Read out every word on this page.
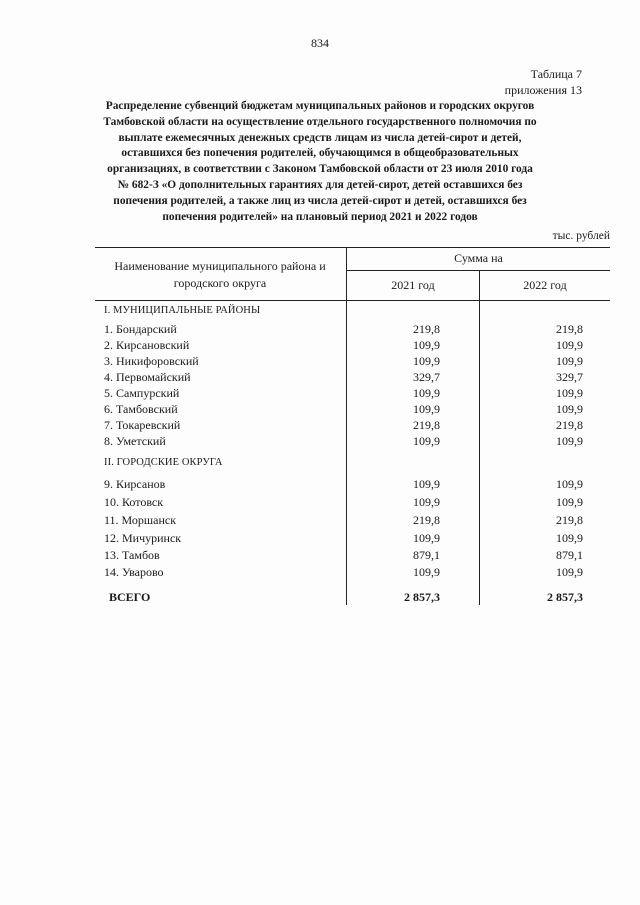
834
Таблица 7
приложения 13
Распределение субвенций бюджетам муниципальных районов и городских округов Тамбовской области на осуществление отдельного государственного полномочия по выплате ежемесячных денежных средств лицам из числа детей-сирот и детей, оставшихся без попечения родителей, обучающимся в общеобразовательных организациях, в соответствии с Законом Тамбовской области от 23 июля 2010 года № 682-З «О дополнительных гарантиях для детей-сирот, детей оставшихся без попечения родителей, а также лиц из числа детей-сирот и детей, оставшихся без попечения родителей» на плановый период 2021 и 2022 годов
тыс. рублей
Наименование муниципального района и городского округа
Сумма на
2021 год	2022 год
I. МУНИЦИПАЛЬНЫЕ РАЙОНЫ
1. Бондарский	219,8	219,8
2. Кирсановский	109,9	109,9
3. Никифоровский	109,9	109,9
4. Первомайский	329,7	329,7
5. Сампурский	109,9	109,9
6. Тамбовский	109,9	109,9
7. Токаревский	219,8	219,8
8. Уметский	109,9	109,9
II. ГОРОДСКИЕ ОКРУГА
9. Кирсанов	109,9	109,9
10. Котовск	109,9	109,9
11. Моршанск	219,8	219,8
12. Мичуринск	109,9	109,9
13. Тамбов	879,1	879,1
14. Уварово	109,9	109,9
ВСЕГО	2 857,3	2 857,3
